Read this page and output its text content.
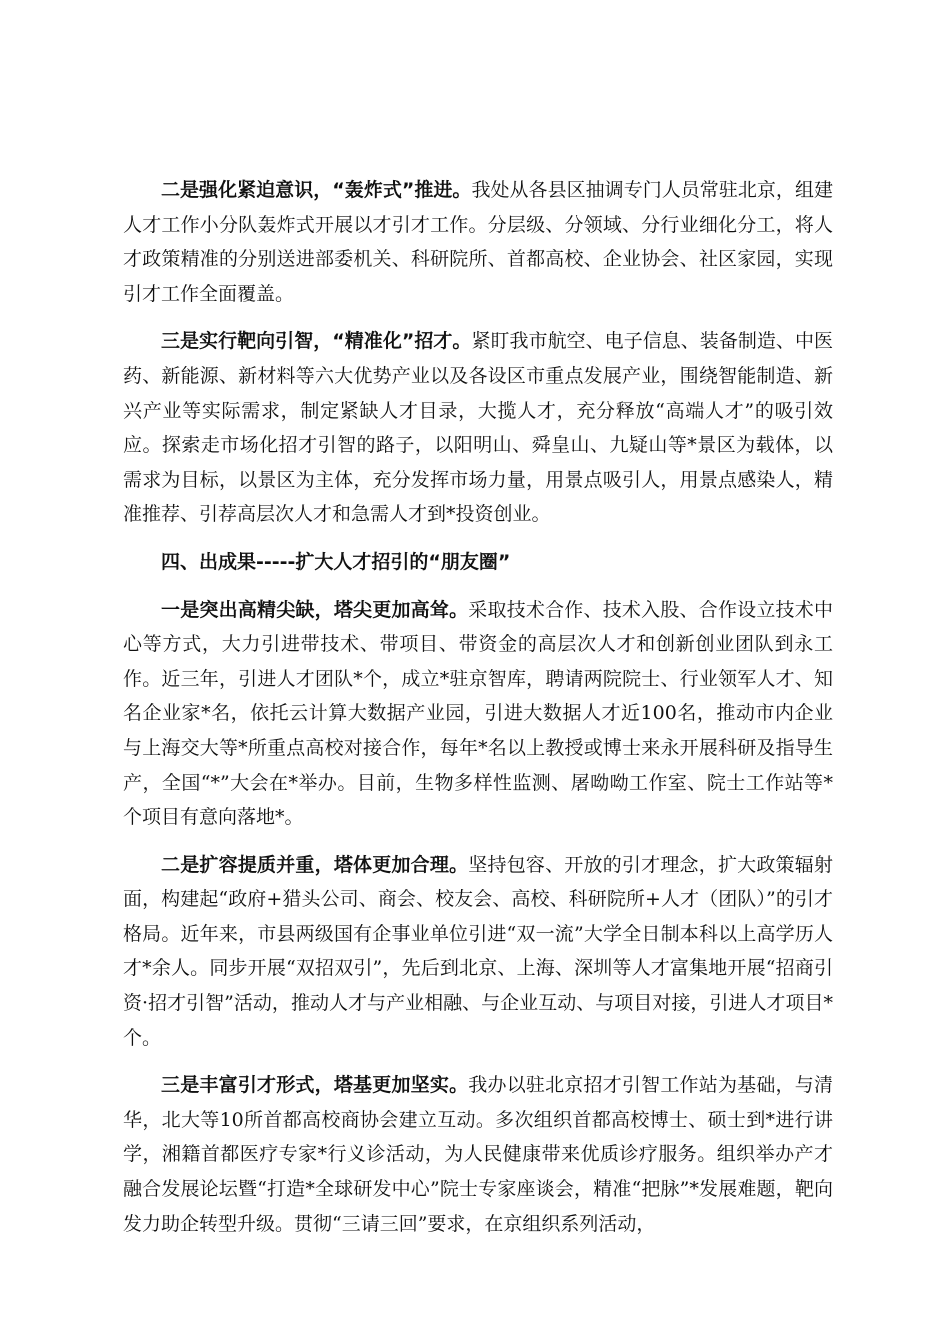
二是强化紧迫意识，“轰炸式”推进。我处从各县区抽调专门人员常驻北京，组建人才工作小分队轰炸式开展以才引才工作。分层级、分领域、分行业细化分工，将人才政策精准的分别送进部委机关、科研院所、首都高校、企业协会、社区家园，实现引才工作全面覆盖。

三是实行靶向引智，“精准化”招才。紧盯我市航空、电子信息、装备制造、中医药、新能源、新材料等六大优势产业以及各设区市重点发展产业，围绕智能制造、新兴产业等实际需求，制定紧缺人才目录，大揽人才，充分释放“高端人才”的吸引效应。探索走市场化招才引智的路子，以阳明山、舜皇山、九疑山等*景区为载体，以需求为目标，以景区为主体，充分发挥市场力量，用景点吸引人，用景点感染人，精准推荐、引荐高层次人才和急需人才到*投资创业。

四、出成果-----扩大人才招引的“朋友圈”

一是突出高精尖缺，塔尖更加高耸。采取技术合作、技术入股、合作设立技术中心等方式，大力引进带技术、带项目、带资金的高层次人才和创新创业团队到永工作。近三年，引进人才团队*个，成立*驻京智库，聘请两院院士、行业领军人才、知名企业家*名，依托云计算大数据产业园，引进大数据人才近100名，推动市内企业与上海交大等*所重点高校对接合作，每年*名以上教授或博士来永开展科研及指导生产，全国“*”大会在*举办。目前，生物多样性监测、屠呦呦工作室、院士工作站等*个项目有意向落地*。

二是扩容提质并重，塔体更加合理。坚持包容、开放的引才理念，扩大政策辐射面，构建起“政府+猎头公司、商会、校友会、高校、科研院所+人才（团队）”的引才格局。近年来，市县两级国有企事业单位引进“双一流”大学全日制本科以上高学历人才*余人。同步开展“双招双引”，先后到北京、上海、深圳等人才富集地开展“招商引资·招才引智”活动，推动人才与产业相融、与企业互动、与项目对接，引进人才项目*个。

三是丰富引才形式，塔基更加坚实。我办以驻北京招才引智工作站为基础，与清华，北大等10所首都高校商协会建立互动。多次组织首都高校博士、硕士到*进行讲学，湘籍首都医疗专家*行义诊活动，为人民健康带来优质诊疗服务。组织举办产才融合发展论坛暨“打造*全球研发中心”院士专家座谈会，精准“把脉”*发展难题，靶向发力助企转型升级。贯彻“三请三回”要求，在京组织系列活动，
